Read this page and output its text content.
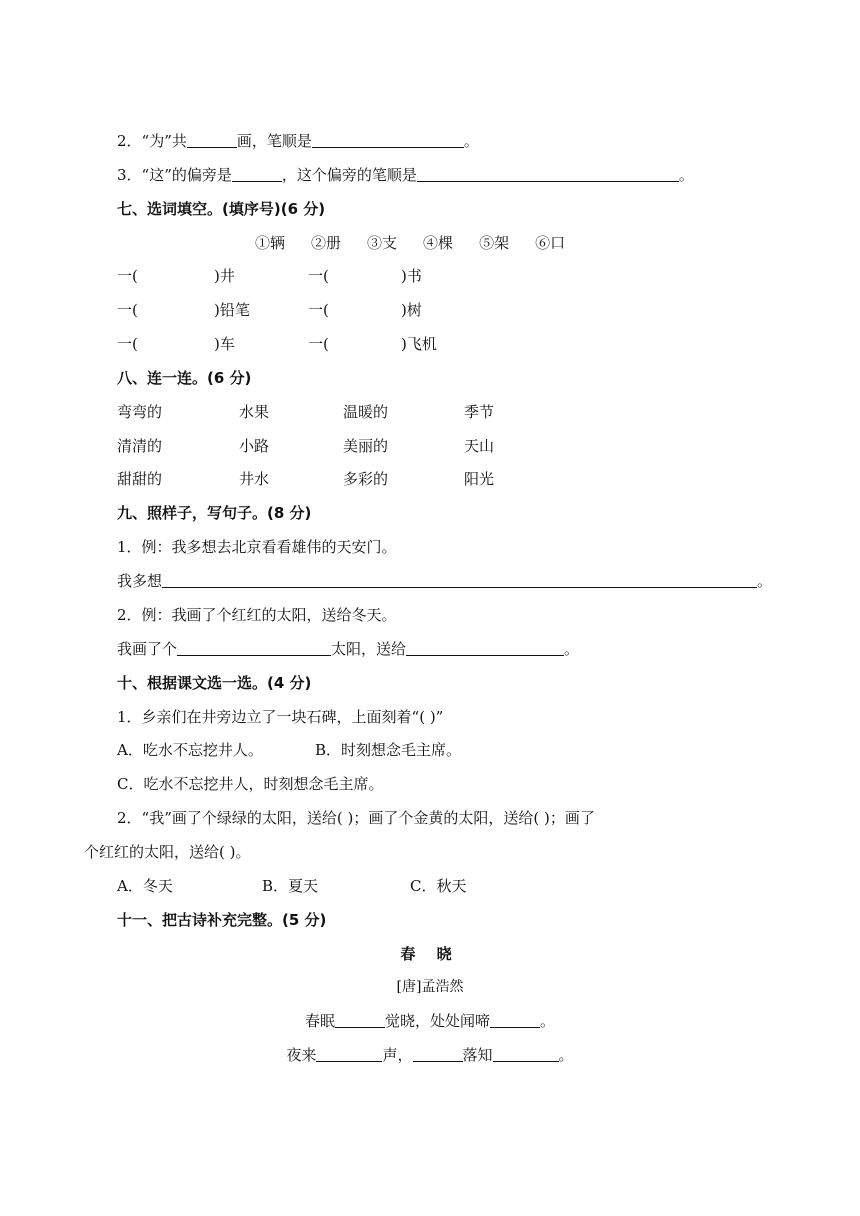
2．“为”共	画，笔顺是	。
3．“这”的偏旁是	，这个偏旁的笔顺是	。
七、选词填空。(填序号)(6 分)
①辆 ②册 ③支 ④棵 ⑤架 ⑥口
一(	)井	一(	)书
一(	)铅笔	一(	)树
一(	)车	一(	)飞机
八、连一连。(6 分)
弯弯的	水果	温暖的	季节
清清的	小路	美丽的	天山
甜甜的	井水	多彩的	阳光
九、照样子，写句子。(8 分)
1．例：我多想去北京看看雄伟的天安门。
我多想	。
2．例：我画了个红红的太阳，送给冬天。
我画了个	太阳，送给	。
十、根据课文选一选。(4 分)
1．乡亲们在井旁边立了一块石碑，上面刻着“( )”
A．吃水不忘挖井人。	B．时刻想念毛主席。
C．吃水不忘挖井人，时刻想念毛主席。
2．“我”画了个绿绿的太阳，送给( )；画了个金黄的太阳，送给( )；画了
个红红的太阳，送给( )。
A．冬天	B．夏天	C．秋天
十一、把古诗补充完整。(5 分)
春 晓
[唐]孟浩然
春眠	觉晓，处处闻啼	。
夜来	声，	落知	。
